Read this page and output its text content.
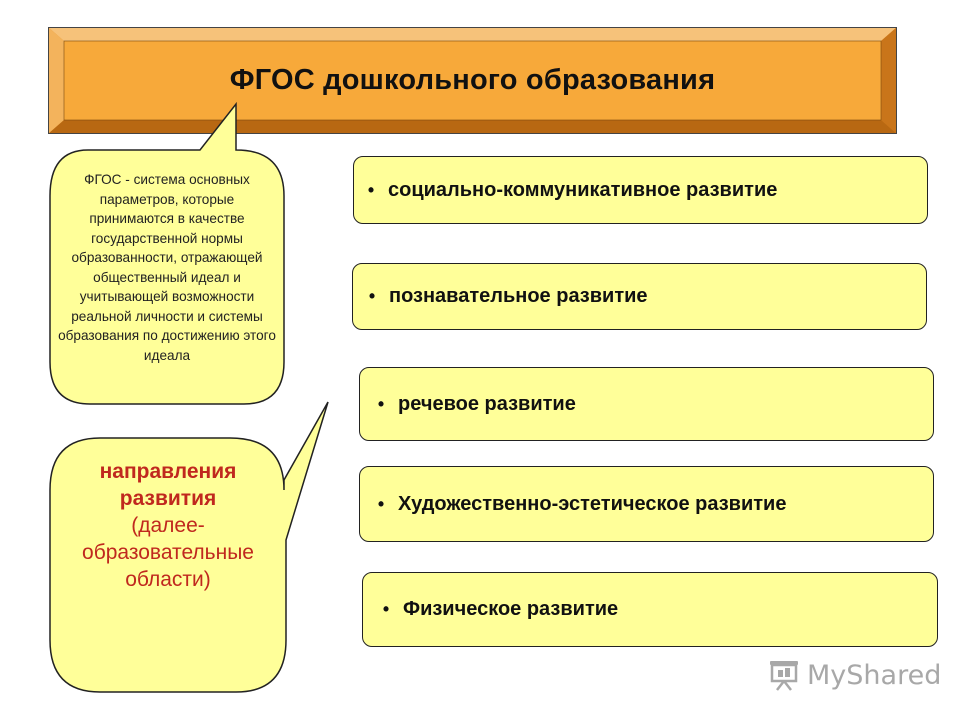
ФГОС дошкольного образования
ФГОС - система основных параметров, которые принимаются в качестве государственной нормы образованности, отражающей общественный идеал и учитывающей возможности реальной личности и системы образования по достижению этого идеала
направления
развития
(далее-
образовательные
области)
• социально-коммуникативное развитие
• познавательное развитие
• речевое развитие
• Художественно-эстетическое развитие
• Физическое развитие
MyShared
